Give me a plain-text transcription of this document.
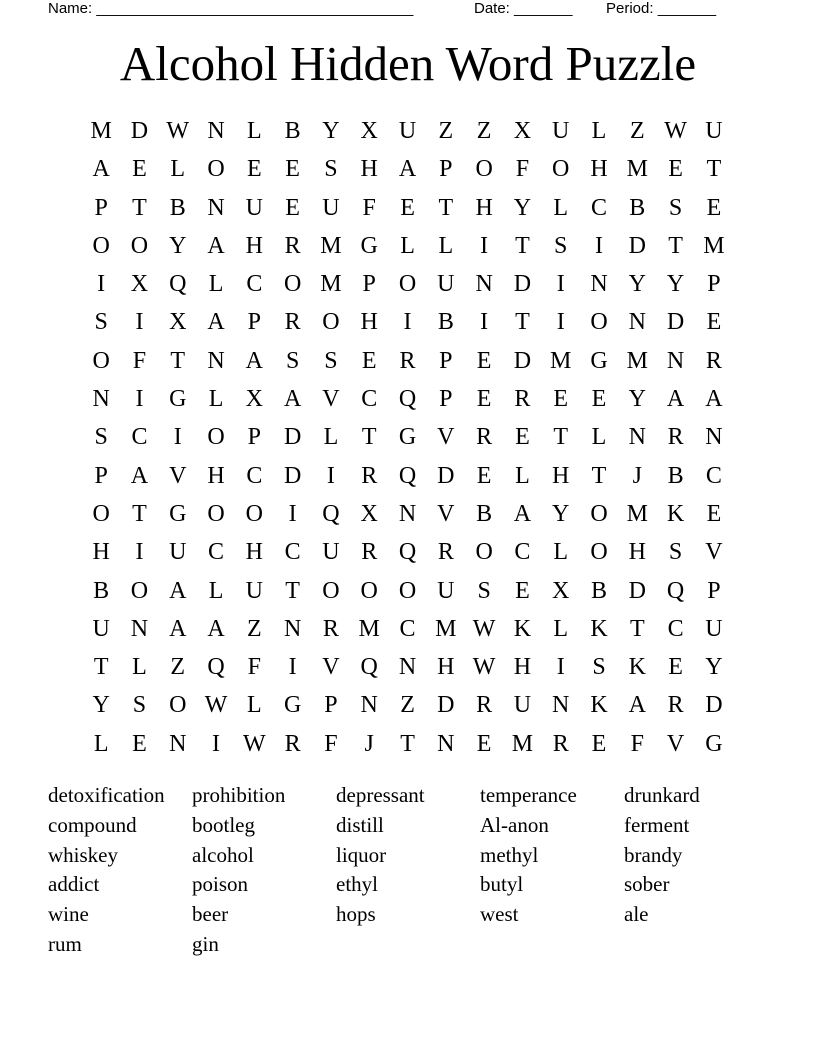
Name: ______________________________________	Date: _______ Period: _______
Alcohol Hidden Word Puzzle
M D W N L B Y X U Z Z X U L Z W U
A E L O E E	S H A P O F O H M E T
P	T B N U E U F	E T H Y L C B S	E
O O Y A H R M G L L	I	T	S	I	D T M
I	X Q L C O M P O U N D	I	N Y Y P
S	I	X A P R O H	I	B	I	T	I	O N D E
O F	T N A S	S	E R P	E D M G M N R
N	I	G L X A V C Q P	E R E E Y A A
S C	I	O P D L T G V R E T L N R N
P A V H C D	I	R Q D E L H T	J	B C
O T G O O	I	Q X N V B A Y O M K E
H	I	U C H C U R Q R O C L O H S V
B O A L U T O O O U S	E X B D Q P
U N A A Z N R M C M W K L K T C U
T L Z Q F	I	V Q N H W H	I	S K E Y
Y S O W L G P N Z D R U N K A R D
L E N	I W R F	J	T N E M R E	F V G
detoxification
compound
whiskey
addict
wine
rum
prohibition
bootleg
alcohol
poison
beer
gin
depressant
distill
liquor
ethyl
hops
temperance
Al-anon
methyl
butyl
west
drunkard
ferment
brandy
sober
ale
